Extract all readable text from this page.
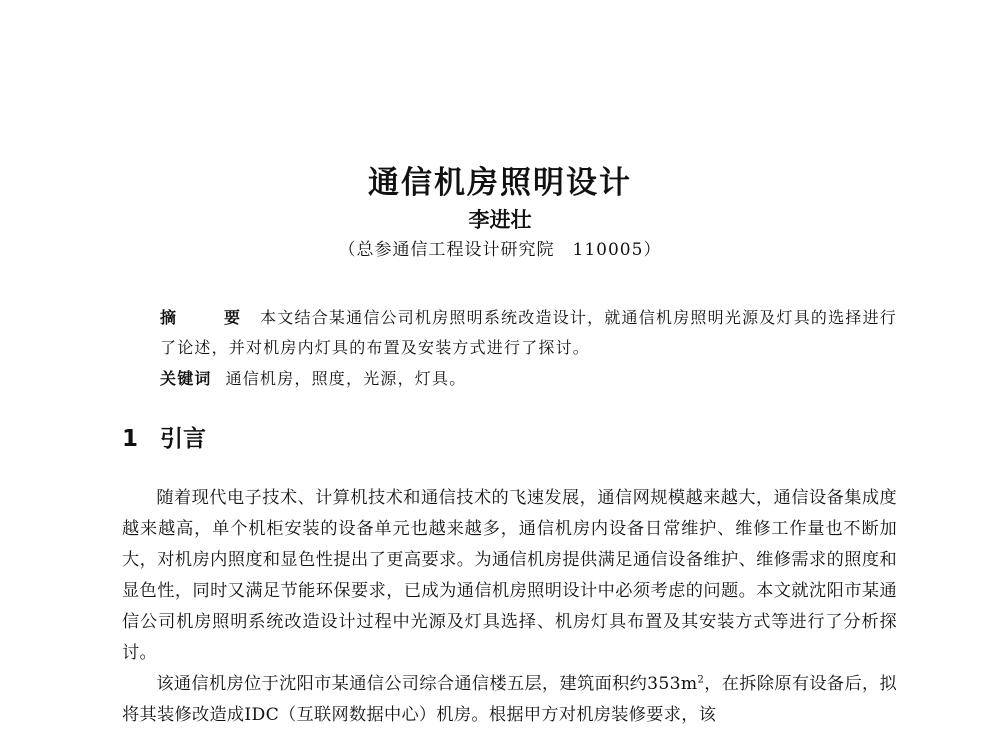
通信机房照明设计
李进壮
（总参通信工程设计研究院　110005）
摘　要 本文结合某通信公司机房照明系统改造设计，就通信机房照明光源及灯具的选择进行了论述，并对机房内灯具的布置及安装方式进行了探讨。
关键词 通信机房，照度，光源，灯具。
1 引言

随着现代电子技术、计算机技术和通信技术的飞速发展，通信网规模越来越大，通信设备集成度越来越高，单个机柜安装的设备单元也越来越多，通信机房内设备日常维护、维修工作量也不断加大，对机房内照度和显色性提出了更高要求。为通信机房提供满足通信设备维护、维修需求的照度和显色性，同时又满足节能环保要求，已成为通信机房照明设计中必须考虑的问题。本文就沈阳市某通信公司机房照明系统改造设计过程中光源及灯具选择、机房灯具布置及其安装方式等进行了分析探讨。

该通信机房位于沈阳市某通信公司综合通信楼五层，建筑面积约$353m^2$，在拆除原有设备后，拟将其装修改造成IDC（互联网数据中心）机房。根据甲方对机房装修要求，该
